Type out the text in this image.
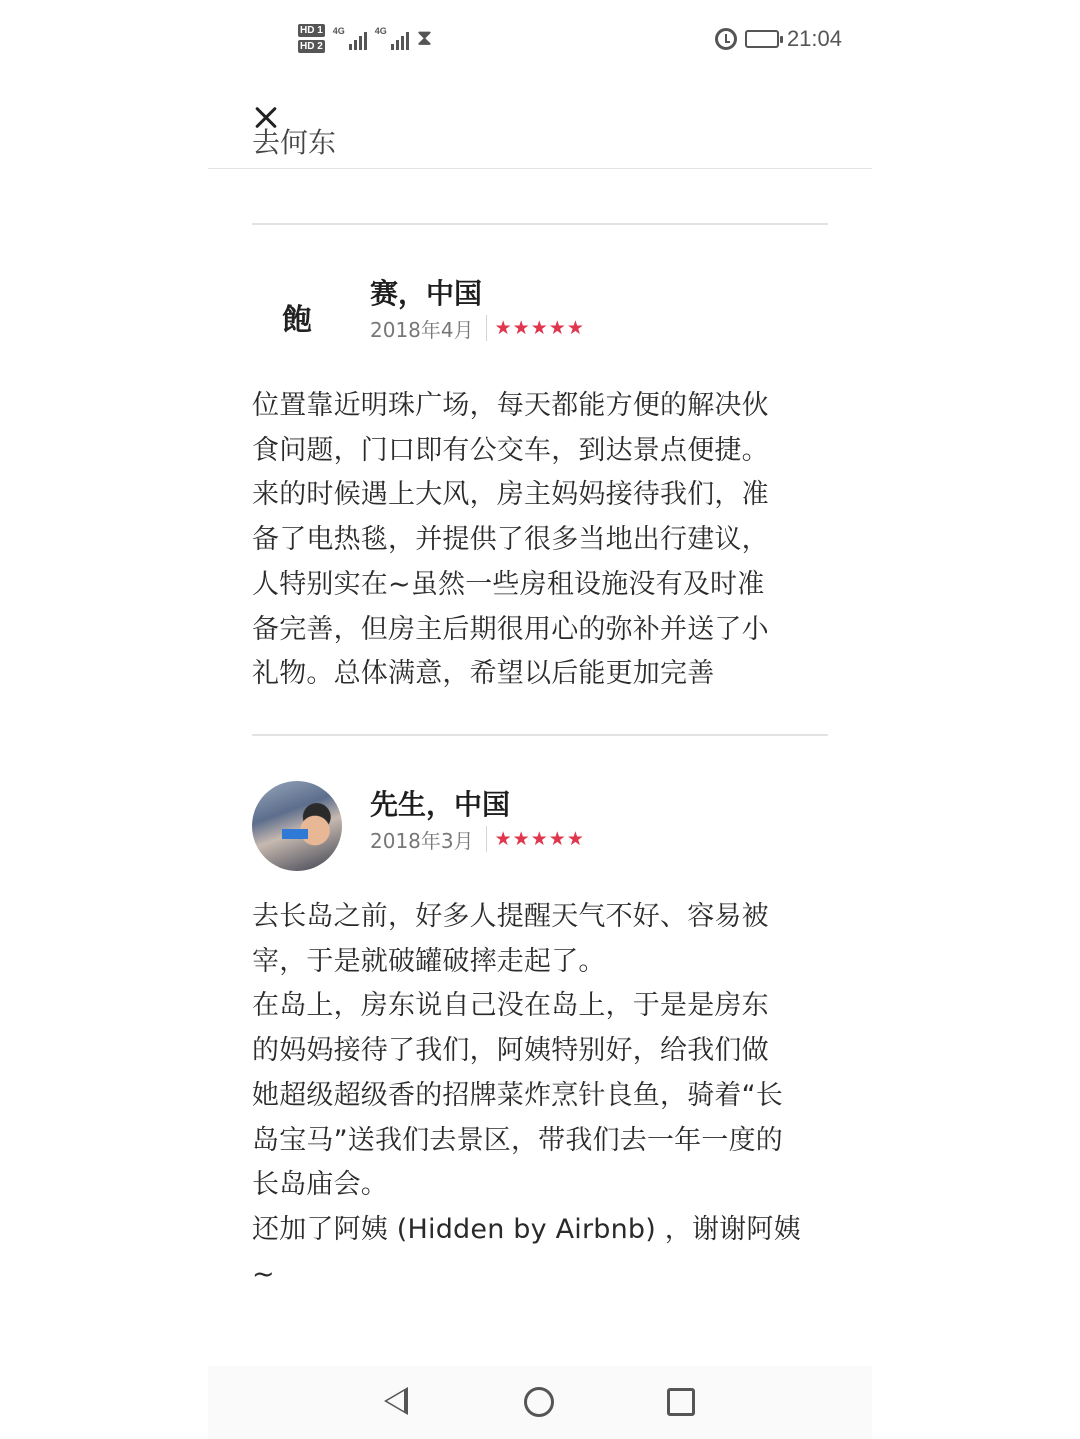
HD 1
HD 2
4G	4G ⧗	21:04
去何东
飽
赛，中国
2018年4月 ★ ★ ★ ★ ★
位置靠近明珠广场，每天都能方便的解决伙
食问题，门口即有公交车，到达景点便捷。
来的时候遇上大风，房主妈妈接待我们，准
备了电热毯，并提供了很多当地出行建议，
人特别实在~虽然一些房租设施没有及时准
备完善，但房主后期很用心的弥补并送了小
礼物。总体满意，希望以后能更加完善
先生，中国
2018年3月 ★ ★ ★ ★ ★
去长岛之前，好多人提醒天气不好、容易被
宰，于是就破罐破摔走起了。
在岛上，房东说自己没在岛上，于是是房东
的妈妈接待了我们，阿姨特别好，给我们做
她超级超级香的招牌菜炸烹针良鱼，骑着“长
岛宝马”送我们去景区，带我们去一年一度的
长岛庙会。
还加了阿姨 (Hidden by Airbnb) ，谢谢阿姨
~
